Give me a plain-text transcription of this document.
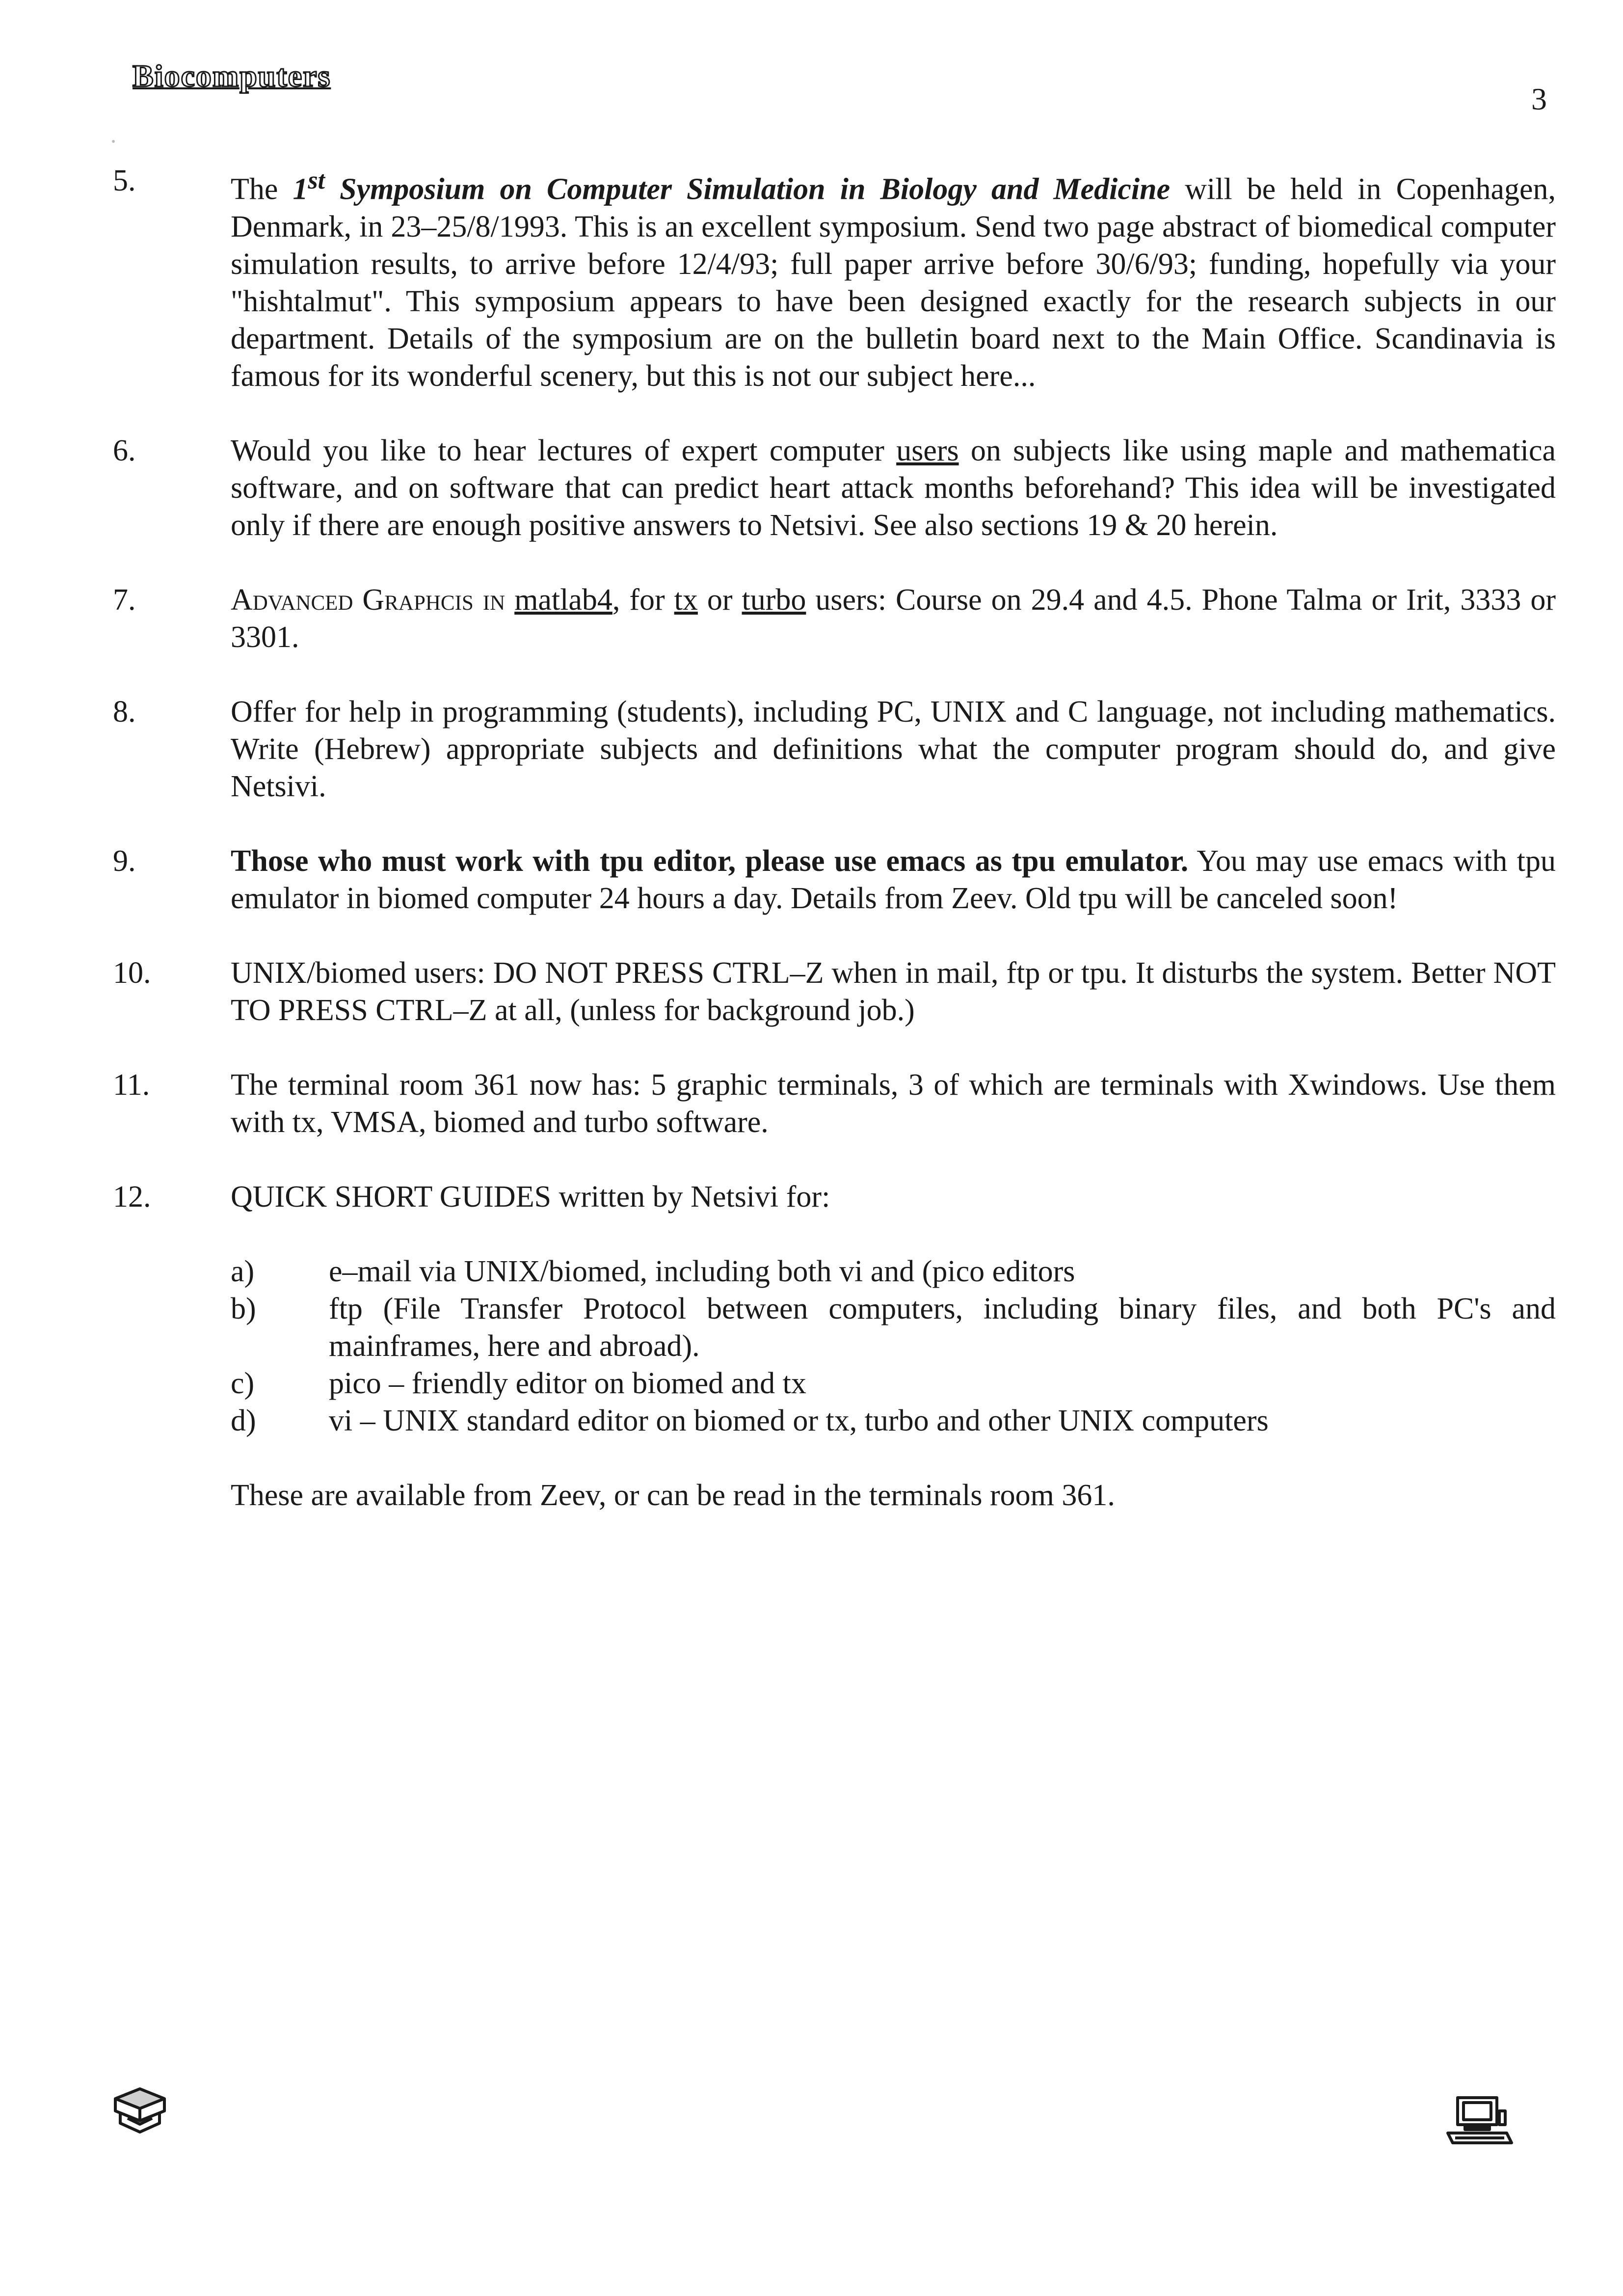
Biocomputers
3
5.	The 1st Symposium on Computer Simulation in Biology and Medicine will be held in Copenhagen, Denmark, in 23–25/8/1993. This is an excellent symposium. Send two page abstract of biomedical computer simulation results, to arrive before 12/4/93; full paper arrive before 30/6/93; funding, hopefully via your "hishtalmut". This symposium appears to have been designed exactly for the research subjects in our department. Details of the symposium are on the bulletin board next to the Main Office. Scandinavia is famous for its wonderful scenery, but this is not our subject here...
6.	Would you like to hear lectures of expert computer users on subjects like using maple and mathematica software, and on software that can predict heart attack months beforehand? This idea will be investigated only if there are enough positive answers to Netsivi. See also sections 19 & 20 herein.
7.	Advanced Graphcis in matlab4, for tx or turbo users: Course on 29.4 and 4.5. Phone Talma or Irit, 3333 or 3301.
8.	Offer for help in programming (students), including PC, UNIX and C language, not including mathematics. Write (Hebrew) appropriate subjects and definitions what the computer program should do, and give Netsivi.
9.	Those who must work with tpu editor, please use emacs as tpu emulator. You may use emacs with tpu emulator in biomed computer 24 hours a day. Details from Zeev. Old tpu will be canceled soon!
10.	UNIX/biomed users: DO NOT PRESS CTRL–Z when in mail, ftp or tpu. It disturbs the system. Better NOT TO PRESS CTRL–Z at all, (unless for background job.)
11.	The terminal room 361 now has: 5 graphic terminals, 3 of which are terminals with Xwindows. Use them with tx, VMSA, biomed and turbo software.
12.	QUICK SHORT GUIDES written by Netsivi for:
a) e–mail via UNIX/biomed, including both vi and (pico editors
b) ftp (File Transfer Protocol between computers, including binary files, and both PC's and mainframes, here and abroad).
c) pico – friendly editor on biomed and tx
d) vi – UNIX standard editor on biomed or tx, turbo and other UNIX computers
These are available from Zeev, or can be read in the terminals room 361.
